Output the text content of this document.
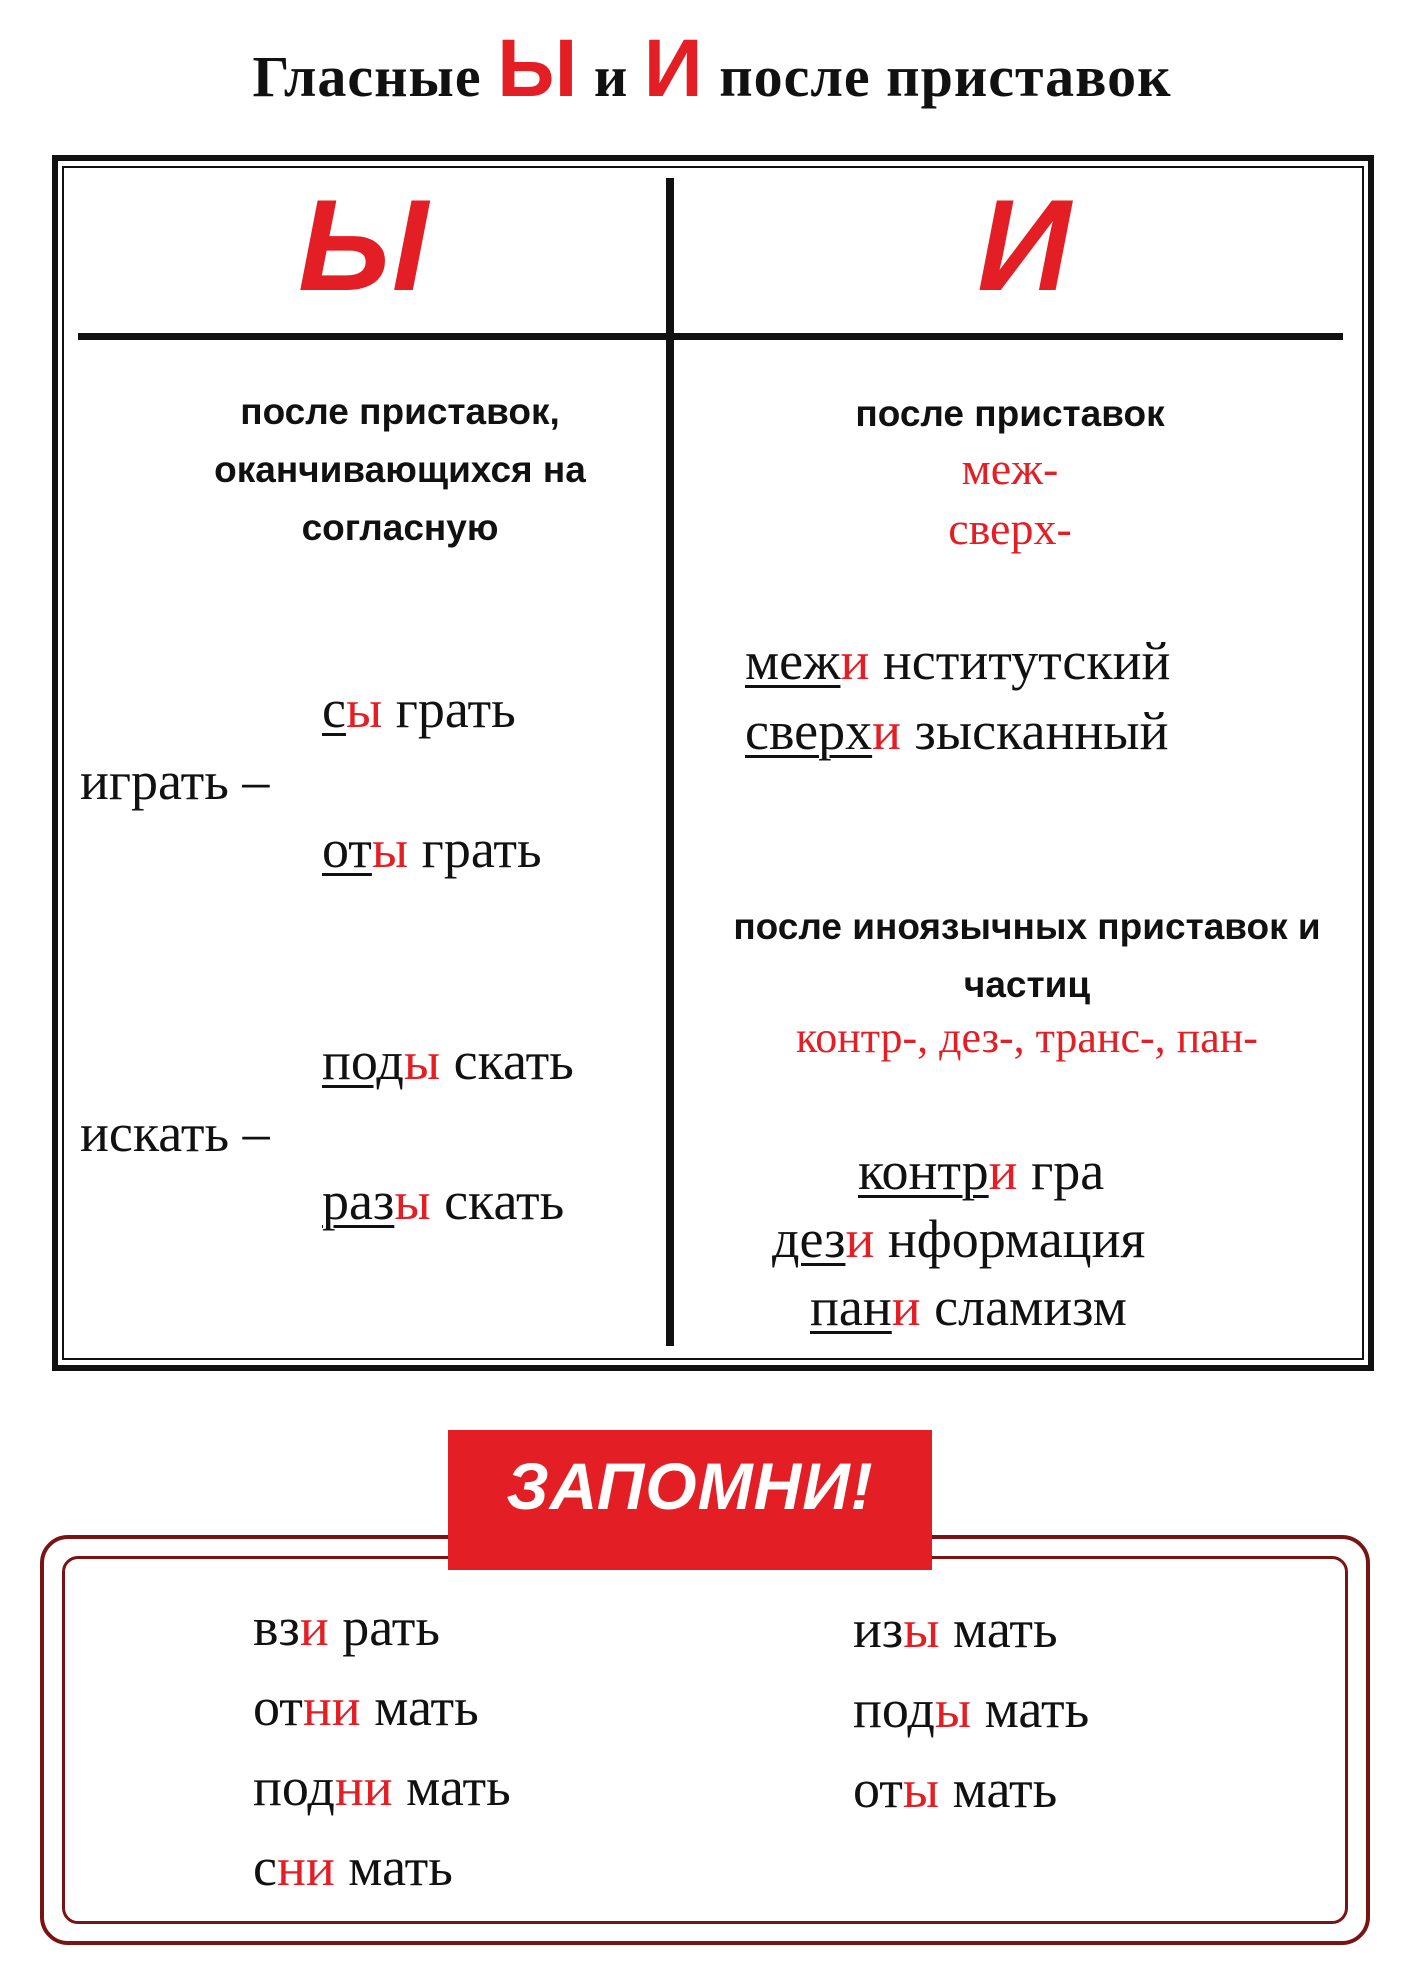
Гласные Ы и И после приставок
Ы	И
после приставок, оканчивающихся на согласную
сы грать
играть –
оты грать
поды скать
искать –
разы скать
после приставок
меж-
сверх-
межи нститутский
сверхи зысканный
после иноязычных приставок и частиц
контр-, дез-, транс-, пан-
контри гра
дези нформация
пани сламизм
ЗАПОМНИ!
взи рать
отни мать
подни мать
сни мать
изы мать
поды мать
оты мать
